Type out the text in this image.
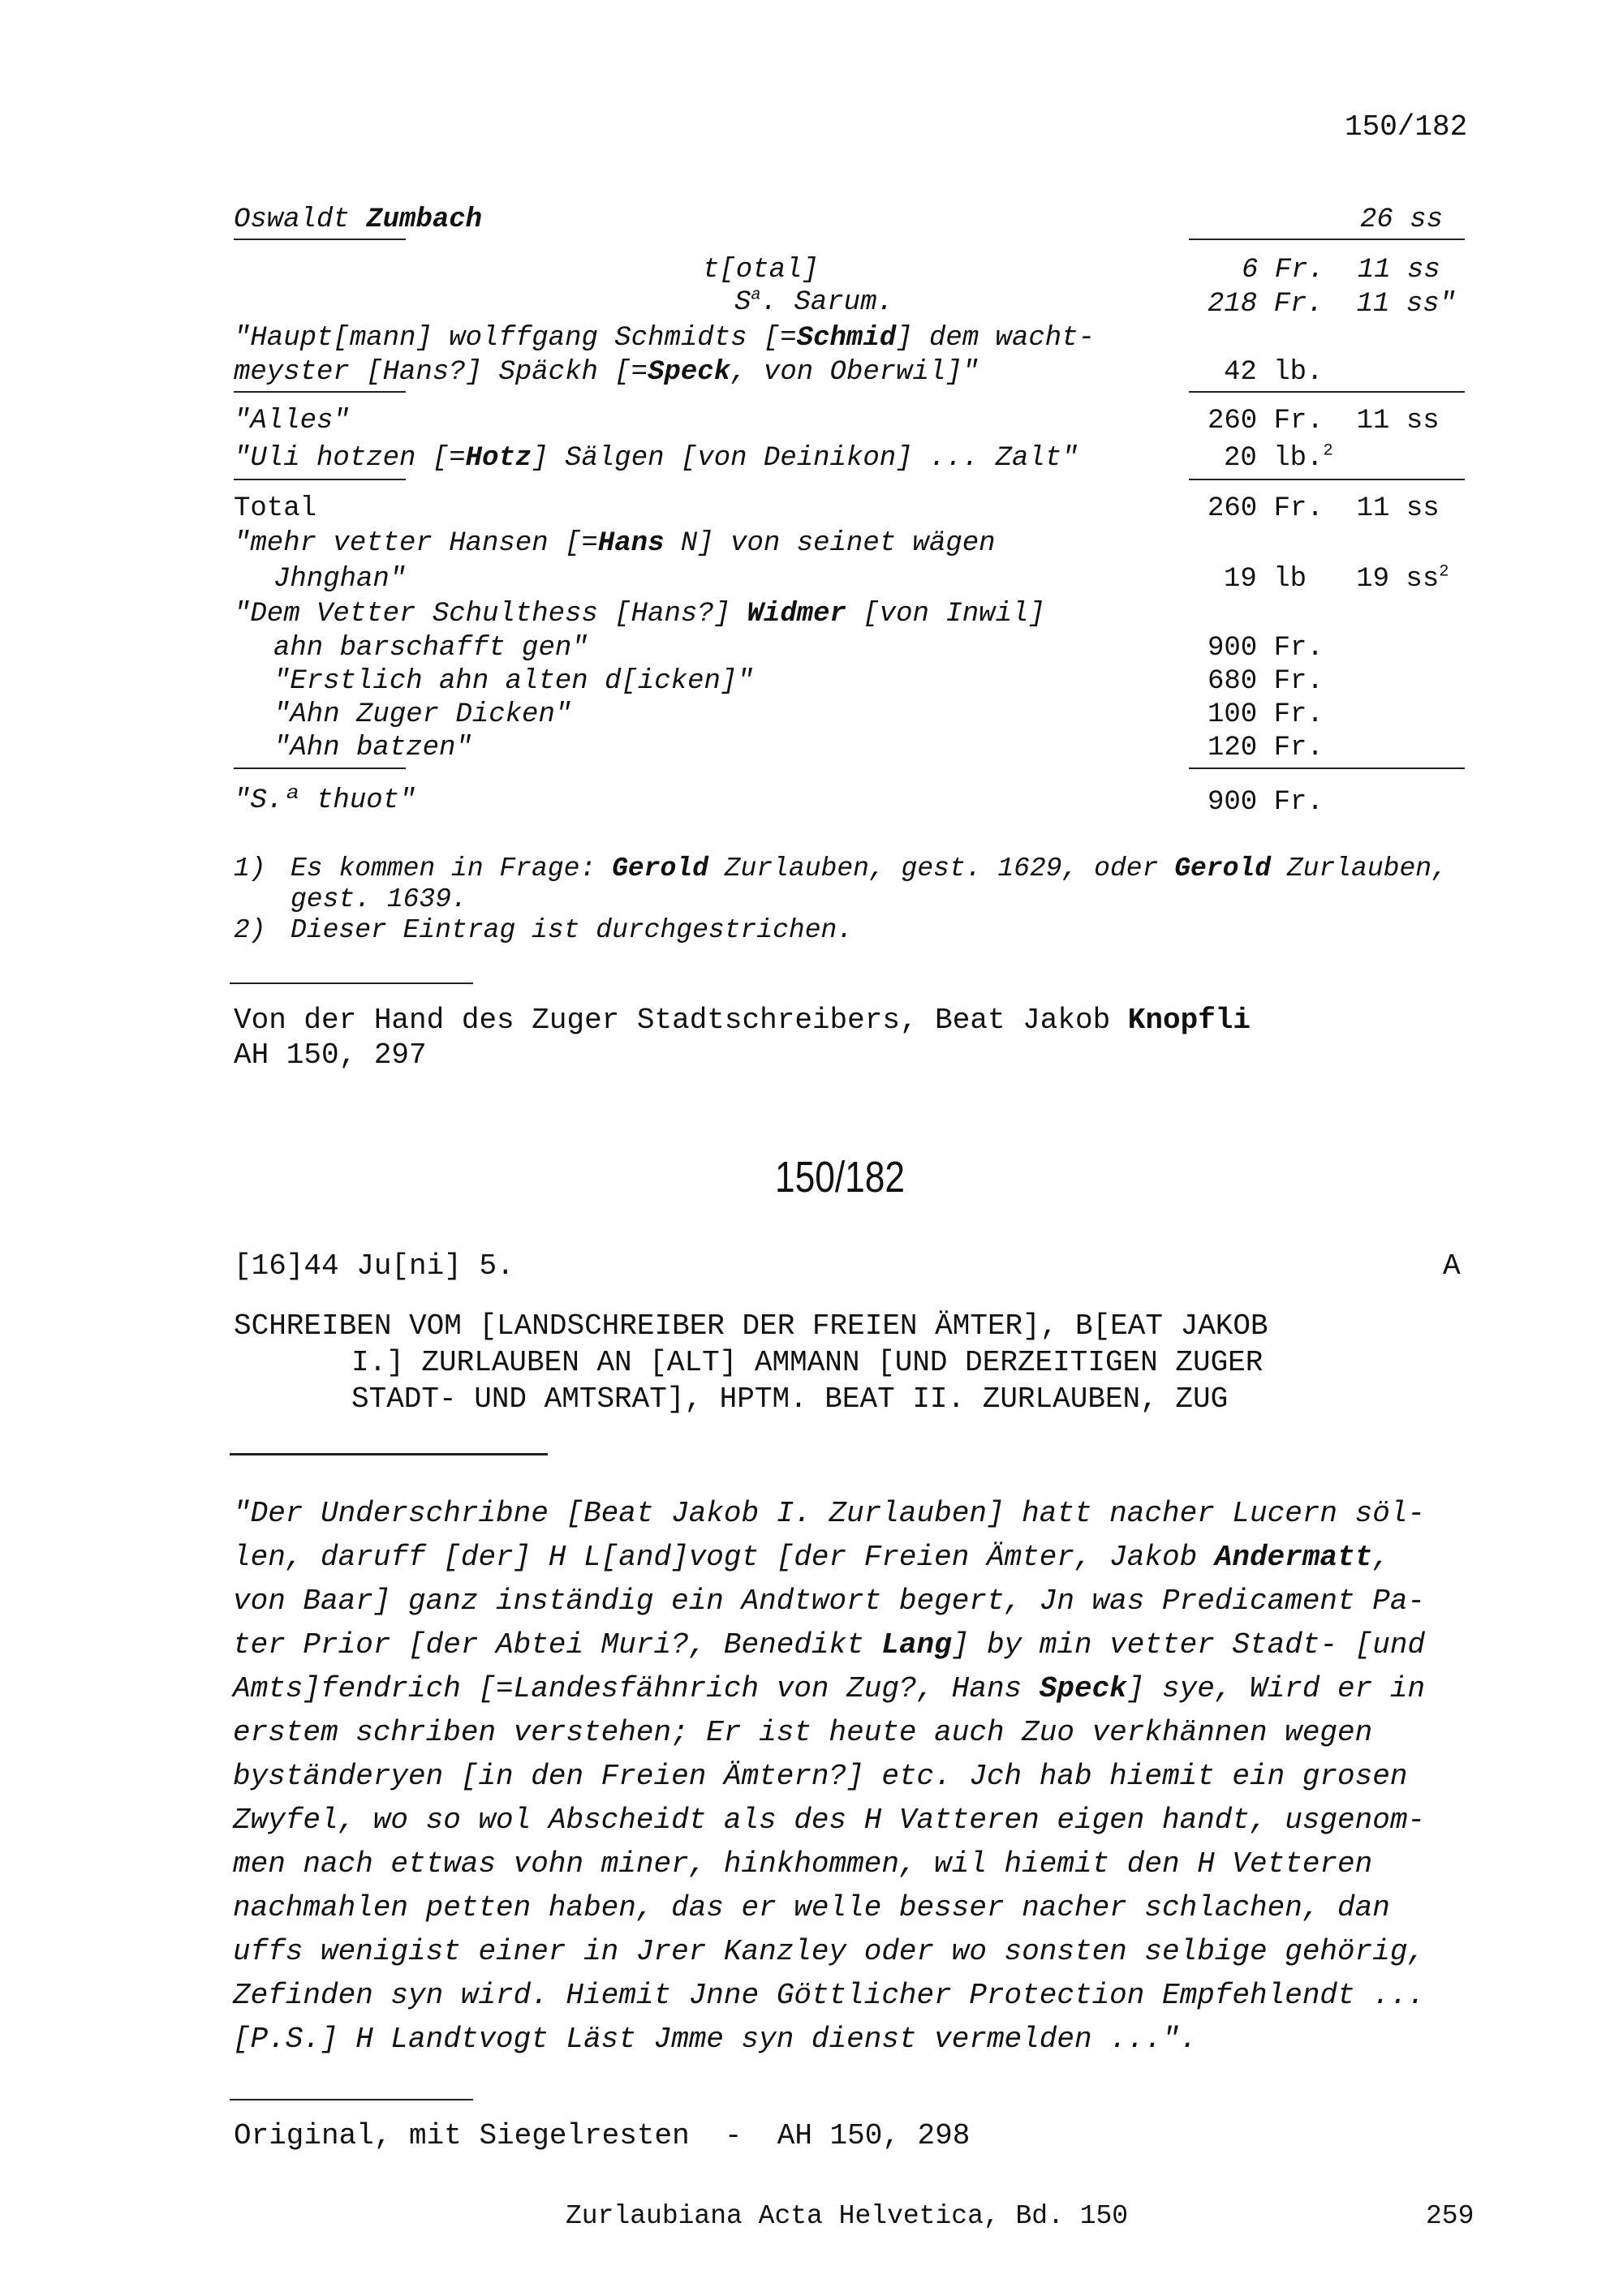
150/182
Oswaldt Zumbach	26 ss
t[otal]	6 Fr.  11 ss
$S^a$. Sarum.	218 Fr.  11 ss"
"Haupt[mann] wolffgang Schmidts [=Schmid] dem wacht-
meyster [Hans?] Späckh [=Speck, von Oberwil]"	42 lb.
"Alles"	260 Fr.  11 ss
"Uli hotzen [=Hotz] Sälgen [von Deinikon] ... Zalt"	20 lb.$^2$
Total	260 Fr.  11 ss
"mehr vetter Hansen [=Hans N] von seinet wägen
Jhnghan"	19 lb   19 $ss^2$
"Dem Vetter Schulthess [Hans?] Widmer [von Inwil]
ahn barschafft gen"	900 Fr.
"Erstlich ahn alten d[icken]"	680 Fr.
"Ahn Zuger Dicken"	100 Fr.
"Ahn batzen"	120 Fr.
"S.ª thuot"	900 Fr.
1) Es kommen in Frage: Gerold Zurlauben, gest. 1629, oder Gerold Zurlauben,
gest. 1639.
2) Dieser Eintrag ist durchgestrichen.
Von der Hand des Zuger Stadtschreibers, Beat Jakob Knopfli
AH 150, 297
150/182
[16]44 Ju[ni] 5.	A
SCHREIBEN VOM [LANDSCHREIBER DER FREIEN ÄMTER], B[EAT JAKOB
I.] ZURLAUBEN AN [ALT] AMMANN [UND DERZEITIGEN ZUGER
STADT- UND AMTSRAT], HPTM. BEAT II. ZURLAUBEN, ZUG
"Der Underschribne [Beat Jakob I. Zurlauben] hatt nacher Lucern söl-
len, daruff [der] H L[and]vogt [der Freien Ämter, Jakob Andermatt,
von Baar] ganz inständig ein Andtwort begert, Jn was Predicament Pa-
ter Prior [der Abtei Muri?, Benedikt Lang] by min vetter Stadt- [und
Amts]fendrich [=Landesfähnrich von Zug?, Hans Speck] sye, Wird er in
erstem schriben verstehen; Er ist heute auch Zuo verkhännen wegen
byständeryen [in den Freien Ämtern?] etc. Jch hab hiemit ein grosen
Zwyfel, wo so wol Abscheidt als des H Vatteren eigen handt, usgenom-
men nach ettwas vohn miner, hinkhommen, wil hiemit den H Vetteren
nachmahlen petten haben, das er welle besser nacher schlachen, dan
uffs wenigist einer in Jrer Kanzley oder wo sonsten selbige gehörig,
Zefinden syn wird. Hiemit Jnne Göttlicher Protection Empfehlendt ...
[P.S.] H Landtvogt Läst Jmme syn dienst vermelden ...".
Original, mit Siegelresten  -  AH 150, 298
Zurlaubiana Acta Helvetica, Bd. 150	259
